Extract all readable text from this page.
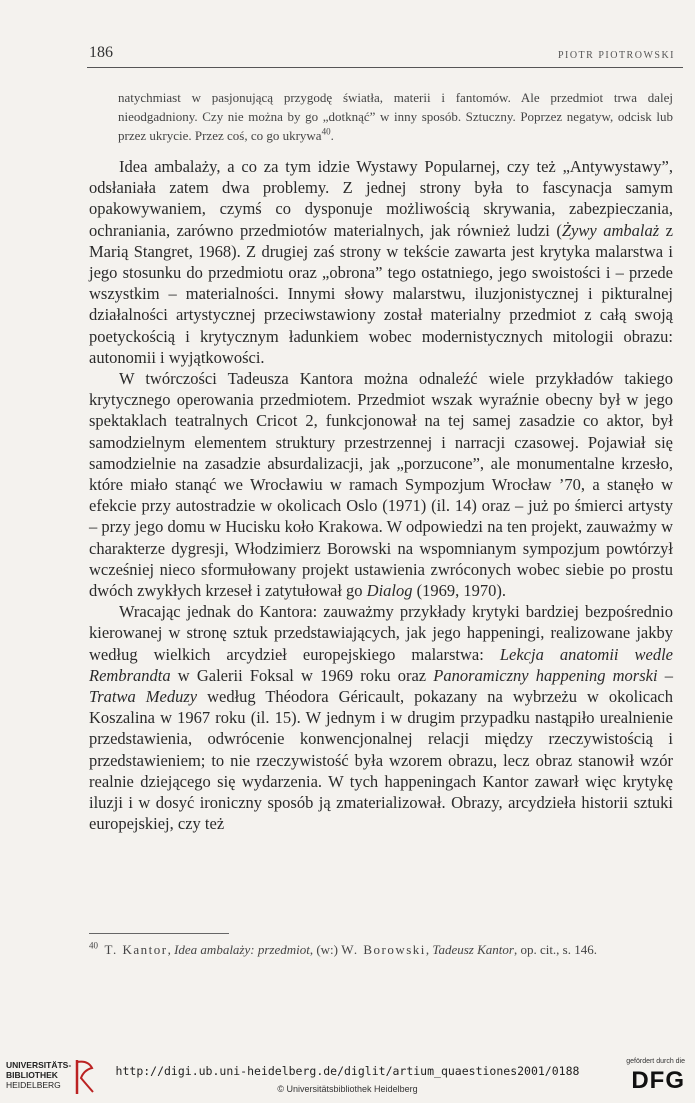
186	PIOTR PIOTROWSKI

natychmiast w pasjonującą przygodę światła, materii i fantomów. Ale przedmiot trwa dalej nieodgadniony. Czy nie można by go „dotknąć” w inny sposób. Sztuczny. Poprzez negatyw, odcisk lub przez ukrycie. Przez coś, co go ukrywa$^{40}$.

Idea ambalaży, a co za tym idzie Wystawy Popularnej, czy też „Antywystawy”, odsłaniała zatem dwa problemy. Z jednej strony była to fascynacja samym opakowywaniem, czymś co dysponuje możliwością skrywania, zabezpieczania, ochraniania, zarówno przedmiotów materialnych, jak również ludzi (Żywy ambalaż z Marią Stangret, 1968). Z drugiej zaś strony w tekście zawarta jest krytyka malarstwa i jego stosunku do przedmiotu oraz „obrona” tego ostatniego, jego swoistości i – przede wszystkim – materialności. Innymi słowy malarstwu, iluzjonistycznej i pikturalnej działalności artystycznej przeciwstawiony został materialny przedmiot z całą swoją poetyckością i krytycznym ładunkiem wobec modernistycznych mitologii obrazu: autonomii i wyjątkowości.

W twórczości Tadeusza Kantora można odnaleźć wiele przykładów takiego krytycznego operowania przedmiotem. Przedmiot wszak wyraźnie obecny był w jego spektaklach teatralnych Cricot 2, funkcjonował na tej samej zasadzie co aktor, był samodzielnym elementem struktury przestrzennej i narracji czasowej. Pojawiał się samodzielnie na zasadzie absurdalizacji, jak „porzucone”, ale monumentalne krzesło, które miało stanąć we Wrocławiu w ramach Sympozjum Wrocław ’70, a stanęło w efekcie przy autostradzie w okolicach Oslo (1971) (il. 14) oraz – już po śmierci artysty – przy jego domu w Hucisku koło Krakowa. W odpowiedzi na ten projekt, zauważmy w charakterze dygresji, Włodzimierz Borowski na wspomnianym sympozjum powtórzył wcześniej nieco sformułowany projekt ustawienia zwróconych wobec siebie po prostu dwóch zwykłych krzeseł i zatytułował go Dialog (1969, 1970).

Wracając jednak do Kantora: zauważmy przykłady krytyki bardziej bezpośrednio kierowanej w stronę sztuk przedstawiających, jak jego happeningi, realizowane jakby według wielkich arcydzieł europejskiego malarstwa: Lekcja anatomii wedle Rembrandta w Galerii Foksal w 1969 roku oraz Panoramiczny happening morski – Tratwa Meduzy według Théodora Géricault, pokazany na wybrzeżu w okolicach Koszalina w 1967 roku (il. 15). W jednym i w drugim przypadku nastąpiło urealnienie przedstawienia, odwrócenie konwencjonalnej relacji między rzeczywistością i przedstawieniem; to nie rzeczywistość była wzorem obrazu, lecz obraz stanowił wzór realnie dziejącego się wydarzenia. W tych happeningach Kantor zawarł więc krytykę iluzji i w dosyć ironiczny sposób ją zmaterializował. Obrazy, arcydzieła historii sztuki europejskiej, czy też

$^{40}$ T. Kantor, Idea ambalaży: przedmiot, (w:) W. Borowski, Tadeusz Kantor, op. cit., s. 146.

UNIVERSITÄTS-
BIBLIOTHEK
HEIDELBERG
http://digi.ub.uni-heidelberg.de/diglit/artium_quaestiones2001/0188
© Universitätsbibliothek Heidelberg
gefördert durch die
DFG
